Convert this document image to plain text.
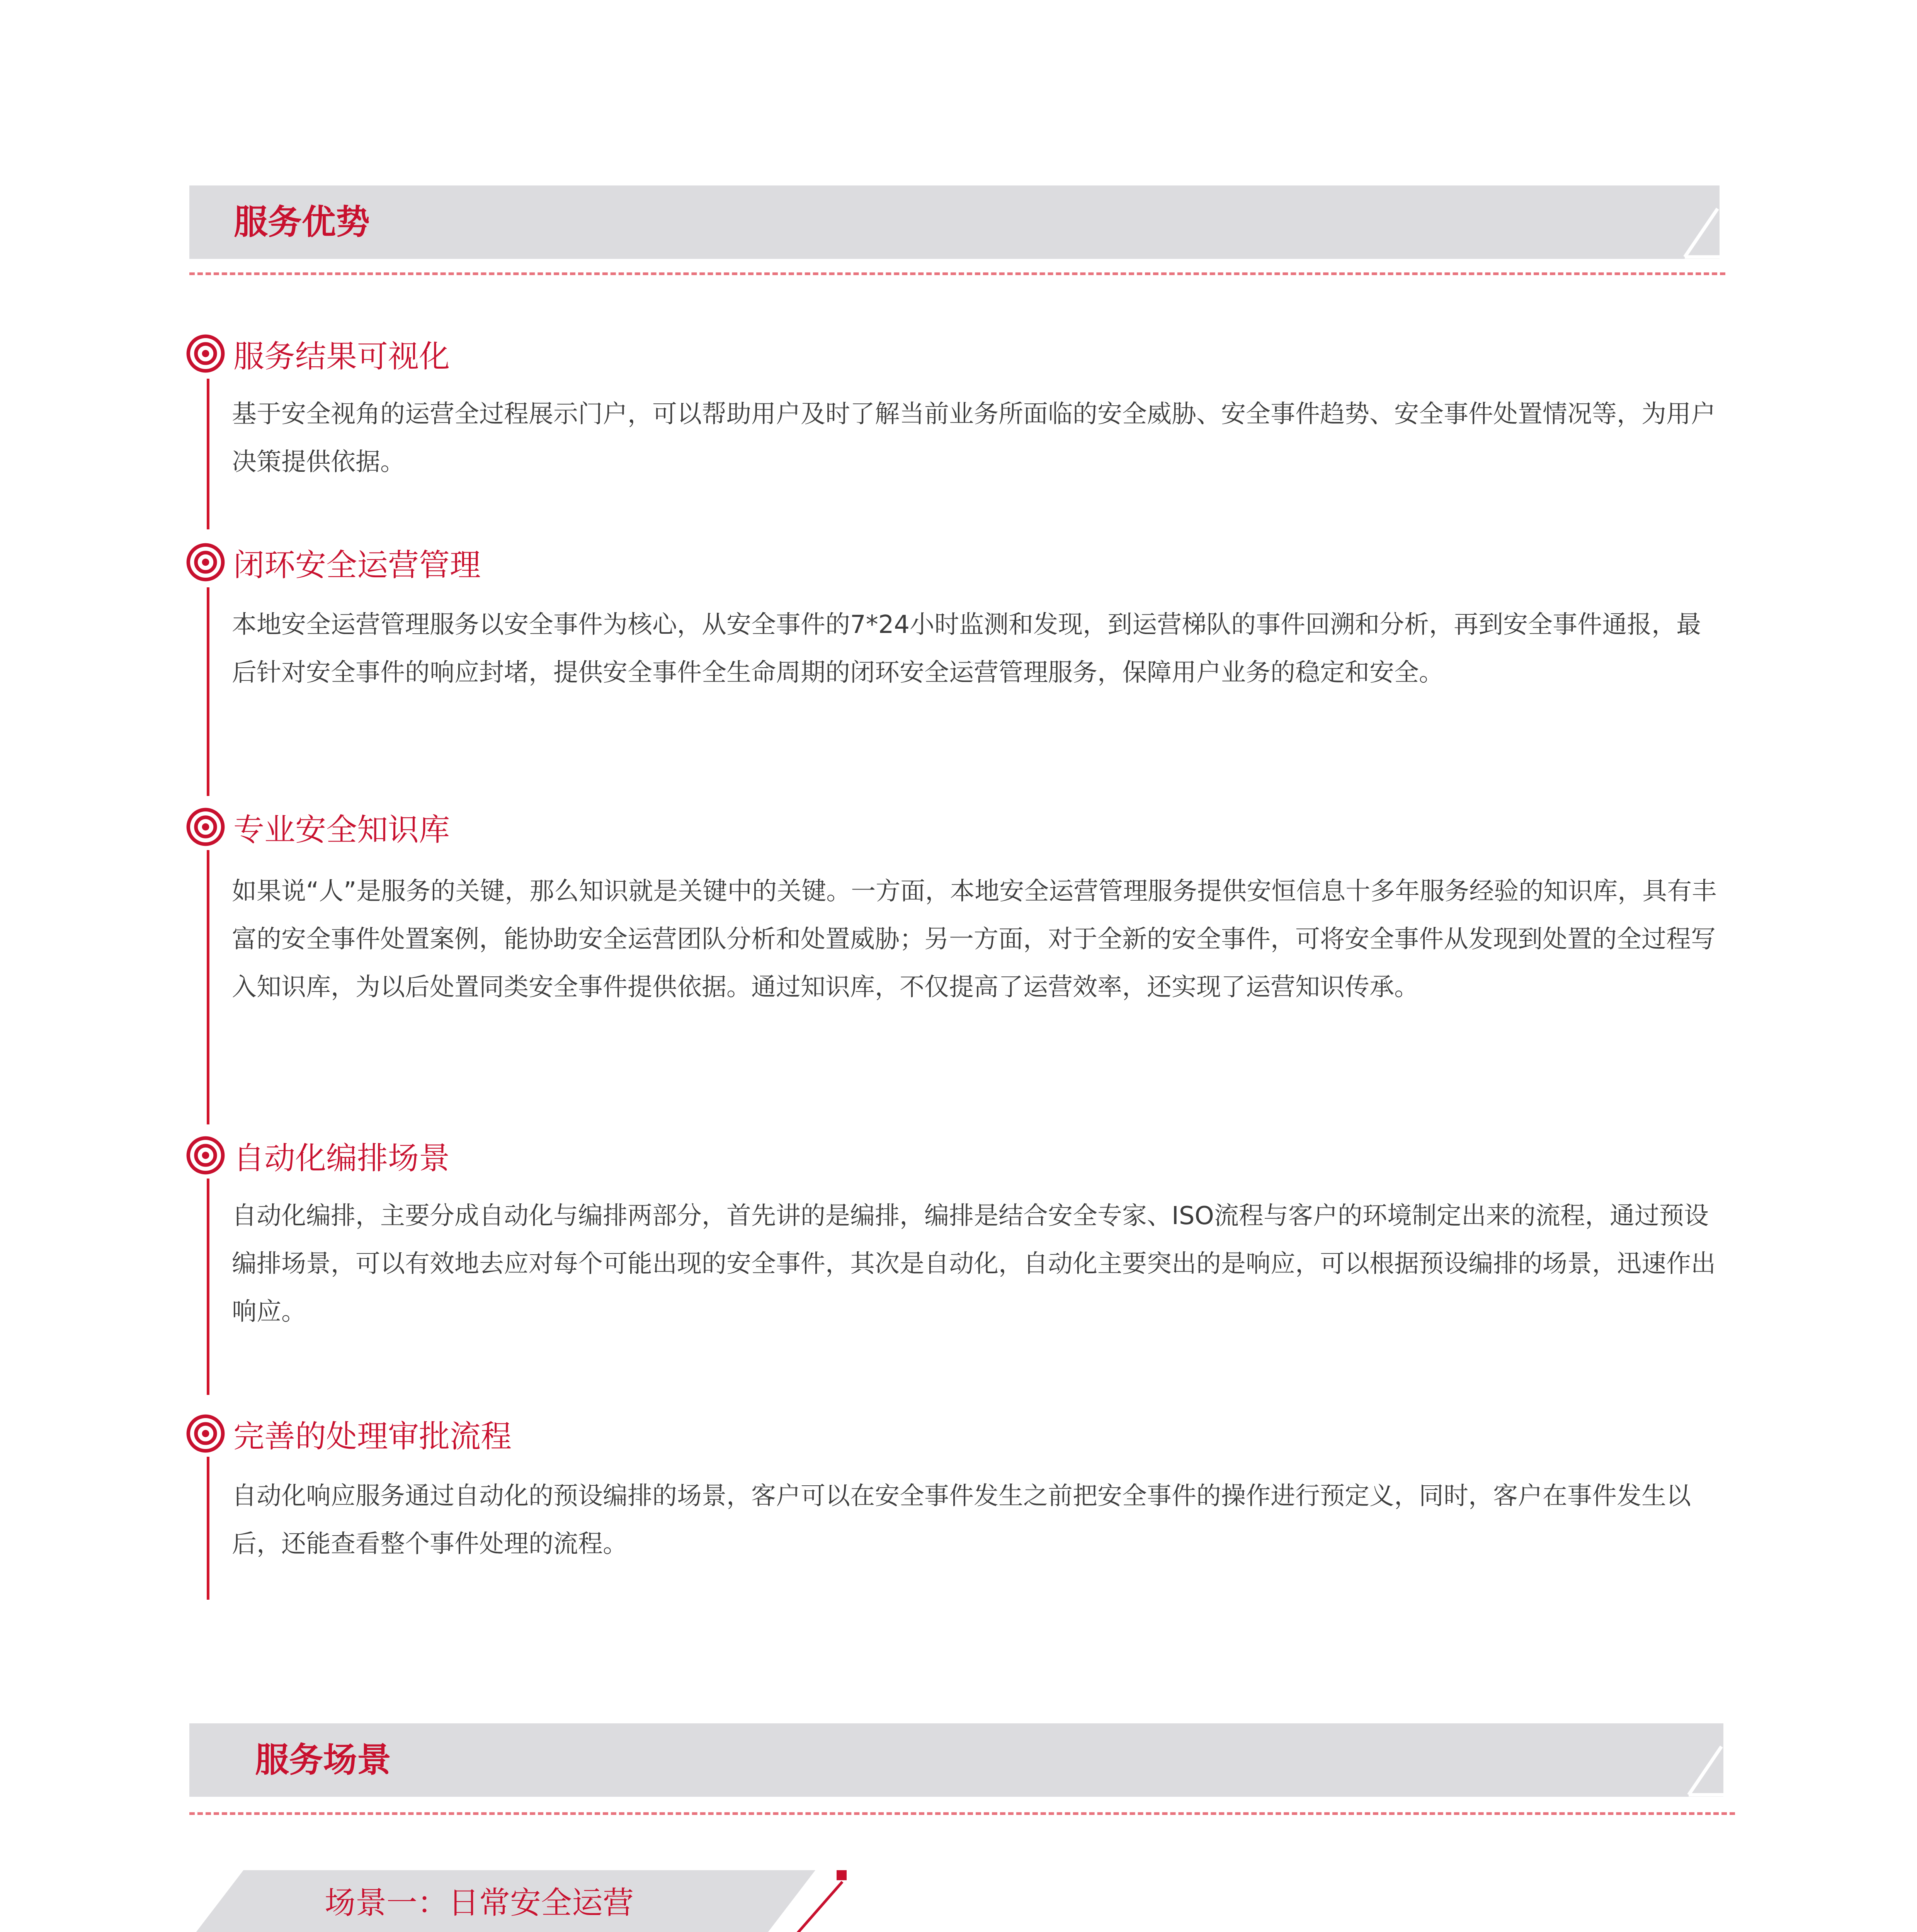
服务优势
服务结果可视化
基于安全视角的运营全过程展示门户，可以帮助用户及时了解当前业务所面临的安全威胁、安全事件趋势、安全事件处置情况等，为用户决策提供依据。
闭环安全运营管理
本地安全运营管理服务以安全事件为核心，从安全事件的7*24小时监测和发现，到运营梯队的事件回溯和分析，再到安全事件通报，最后针对安全事件的响应封堵，提供安全事件全生命周期的闭环安全运营管理服务，保障用户业务的稳定和安全。
专业安全知识库
如果说“人”是服务的关键，那么知识就是关键中的关键。一方面，本地安全运营管理服务提供安恒信息十多年服务经验的知识库，具有丰富的安全事件处置案例，能协助安全运营团队分析和处置威胁；另一方面，对于全新的安全事件，可将安全事件从发现到处置的全过程写入知识库，为以后处置同类安全事件提供依据。通过知识库，不仅提高了运营效率，还实现了运营知识传承。
自动化编排场景
自动化编排，主要分成自动化与编排两部分，首先讲的是编排，编排是结合安全专家、ISO流程与客户的环境制定出来的流程，通过预设编排场景，可以有效地去应对每个可能出现的安全事件，其次是自动化，自动化主要突出的是响应，可以根据预设编排的场景，迅速作出响应。
完善的处理审批流程
自动化响应服务通过自动化的预设编排的场景，客户可以在安全事件发生之前把安全事件的操作进行预定义，同时，客户在事件发生以后，还能查看整个事件处理的流程。
服务场景
场景一：日常安全运营
